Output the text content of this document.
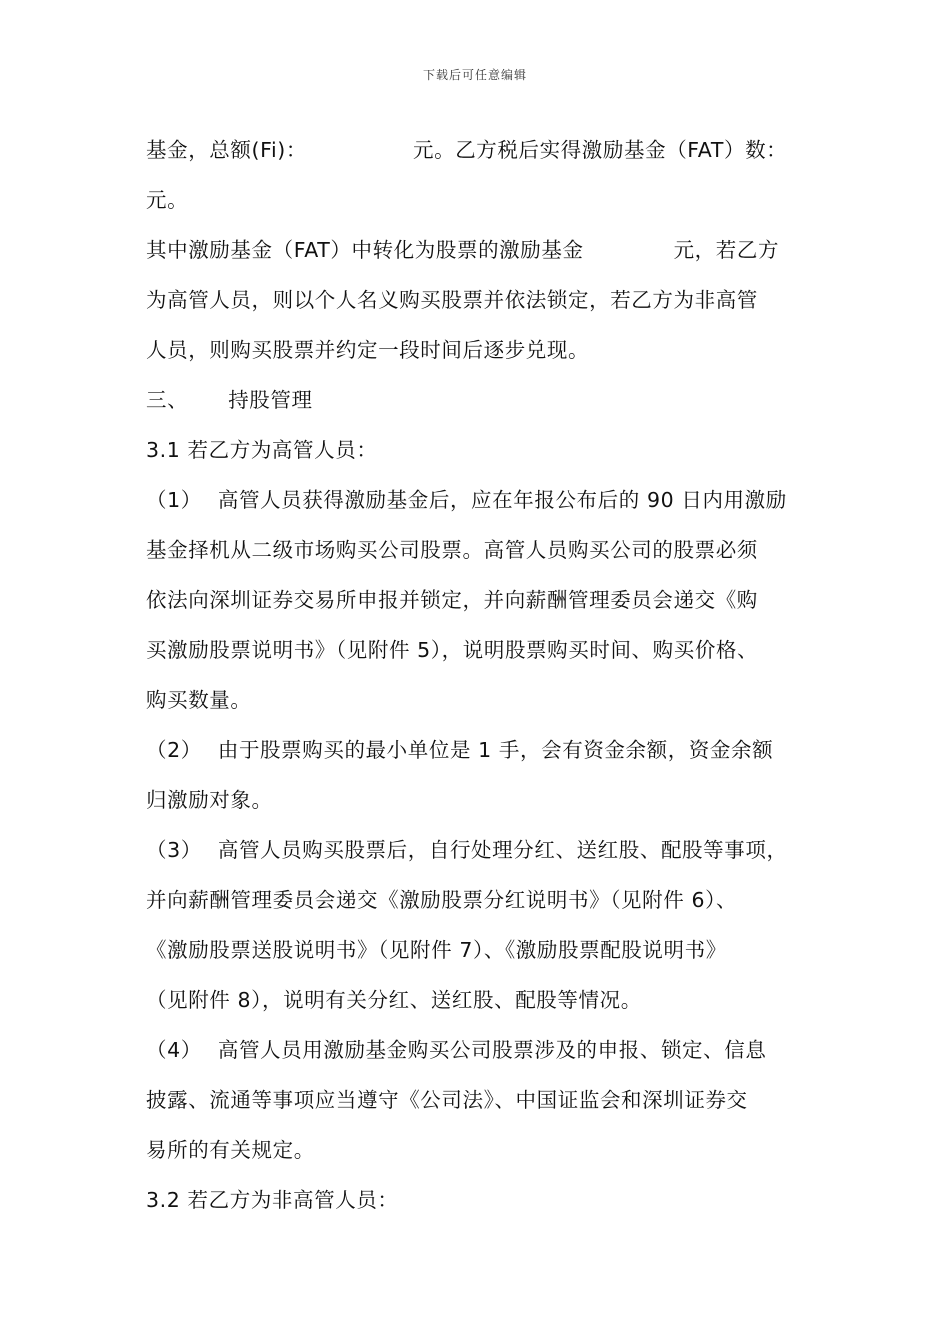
下载后可任意编辑
基金，总额(Fi)：	元。乙方税后实得激励基金（FAT）数：
元。
其中激励基金（FAT）中转化为股票的激励基金	元，若乙方
为高管人员，则以个人名义购买股票并依法锁定，若乙方为非高管
人员，则购买股票并约定一段时间后逐步兑现。
三、 持股管理
3.1 若乙方为高管人员：
（1） 高管人员获得激励基金后，应在年报公布后的 90 日内用激励
基金择机从二级市场购买公司股票。高管人员购买公司的股票必须
依法向深圳证券交易所申报并锁定，并向薪酬管理委员会递交《购
买激励股票说明书》（见附件 5），说明股票购买时间、购买价格、
购买数量。
（2） 由于股票购买的最小单位是 1 手，会有资金余额，资金余额
归激励对象。
（3） 高管人员购买股票后，自行处理分红、送红股、配股等事项，
并向薪酬管理委员会递交《激励股票分红说明书》（见附件 6）、
《激励股票送股说明书》（见附件 7）、《激励股票配股说明书》
（见附件 8），说明有关分红、送红股、配股等情况。
（4） 高管人员用激励基金购买公司股票涉及的申报、锁定、信息
披露、流通等事项应当遵守《公司法》、中国证监会和深圳证券交
易所的有关规定。
3.2 若乙方为非高管人员：
